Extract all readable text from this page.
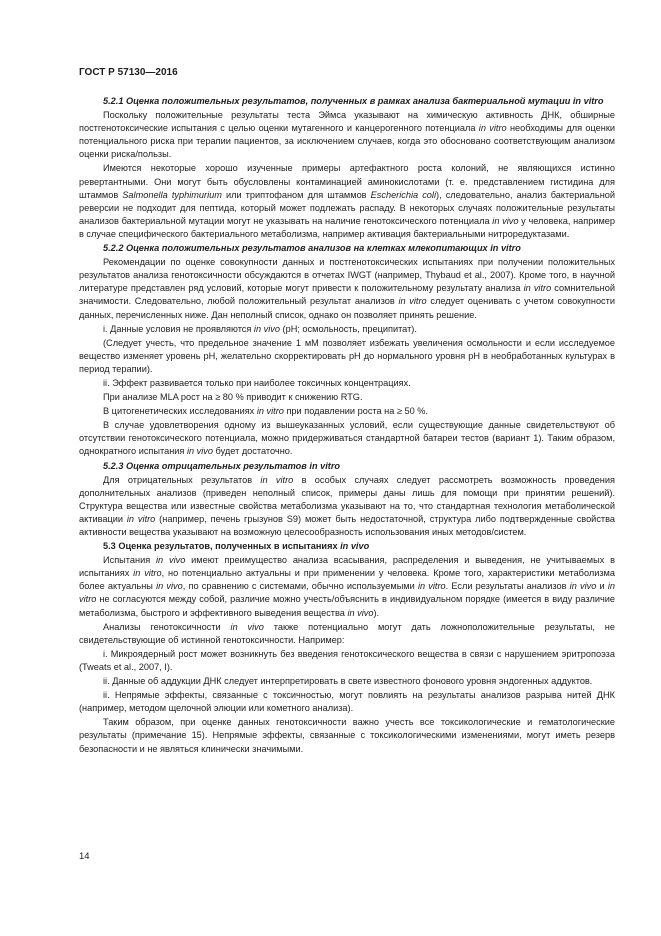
ГОСТ Р 57130—2016

5.2.1 Оценка положительных результатов, полученных в рамках анализа бактериальной мутации in vitro

Поскольку положительные результаты теста Эймса указывают на химическую активность ДНК, обширные постгенотоксические испытания с целью оценки мутагенного и канцерогенного потенциала in vitro необходимы для оценки потенциального риска при терапии пациентов, за исключением случаев, когда это обосновано соответствующим анализом оценки риска/пользы.

Имеются некоторые хорошо изученные примеры артефактного роста колоний, не являющихся истинно ревертантными. Они могут быть обусловлены контаминацией аминокислотами (т. е. представлением гистидина для штаммов Salmonella typhimurium или триптофаном для штаммов Escherichia coli), следовательно, анализ бактериальной реверсии не подходит для пептида, который может подлежать распаду. В некоторых случаях положительные результаты анализов бактериальной мутации могут не указывать на наличие генотоксического потенциала in vivo у человека, например в случае специфического бактериального метаболизма, например активация бактериальными нитроредуктазами.

5.2.2 Оценка положительных результатов анализов на клетках млекопитающих in vitro

Рекомендации по оценке совокупности данных и постгенотоксических испытаниях при получении положительных результатов анализа генотоксичности обсуждаются в отчетах IWGT (например, Thybaud et al., 2007). Кроме того, в научной литературе представлен ряд условий, которые могут привести к положительному результату анализа in vitro сомнительной значимости. Следовательно, любой положительный результат анализов in vitro следует оценивать с учетом совокупности данных, перечисленных ниже. Дан неполный список, однако он позволяет принять решение.

i. Данные условия не проявляются in vivo (pH; осмольность, преципитат).

(Следует учесть, что предельное значение 1 мМ позволяет избежать увеличения осмольности и если исследуемое вещество изменяет уровень pH, желательно скорректировать pH до нормального уровня pH в необработанных культурах в период терапии).

ii. Эффект развивается только при наиболее токсичных концентрациях.

При анализе MLA рост на ≥ 80 % приводит к снижению RTG.

В цитогенетических исследованиях in vitro при подавлении роста на ≥ 50 %.

В случае удовлетворения одному из вышеуказанных условий, если существующие данные свидетельствуют об отсутствии генотоксического потенциала, можно придерживаться стандартной батареи тестов (вариант 1). Таким образом, однократного испытания in vivo будет достаточно.

5.2.3 Оценка отрицательных результатов in vitro

Для отрицательных результатов in vitro в особых случаях следует рассмотреть возможность проведения дополнительных анализов (приведен неполный список, примеры даны лишь для помощи при принятии решений). Структура вещества или известные свойства метаболизма указывают на то, что стандартная технология метаболической активации in vitro (например, печень грызунов S9) может быть недостаточной, структура либо подтвержденные свойства активности вещества указывают на возможную целесообразность использования иных методов/систем.

5.3 Оценка результатов, полученных в испытаниях in vivo

Испытания in vivo имеют преимущество анализа всасывания, распределения и выведения, не учитываемых в испытаниях in vitro, но потенциально актуальны и при применении у человека. Кроме того, характеристики метаболизма более актуальны in vivo, по сравнению с системами, обычно используемыми in vitro. Если результаты анализов in vivo и in vitro не согласуются между собой, различие можно учесть/объяснить в индивидуальном порядке (имеется в виду различие метаболизма, быстрого и эффективного выведения вещества in vivo).

Анализы генотоксичности in vivo также потенциально могут дать ложноположительные результаты, не свидетельствующие об истинной генотоксичности. Например:

i. Микроядерный рост может возникнуть без введения генотоксического вещества в связи с нарушением эритропоэза (Tweats et al., 2007, I).

ii. Данные об аддукции ДНК следует интерпретировать в свете известного фонового уровня эндогенных аддуктов.

ii. Непрямые эффекты, связанные с токсичностью, могут повлиять на результаты анализов разрыва нитей ДНК (например, методом щелочной элюции или кометного анализа).

Таким образом, при оценке данных генотоксичности важно учесть все токсикологические и гематологические результаты (примечание 15). Непрямые эффекты, связанные с токсикологическими изменениями, могут иметь резерв безопасности и не являться клинически значимыми.

14
